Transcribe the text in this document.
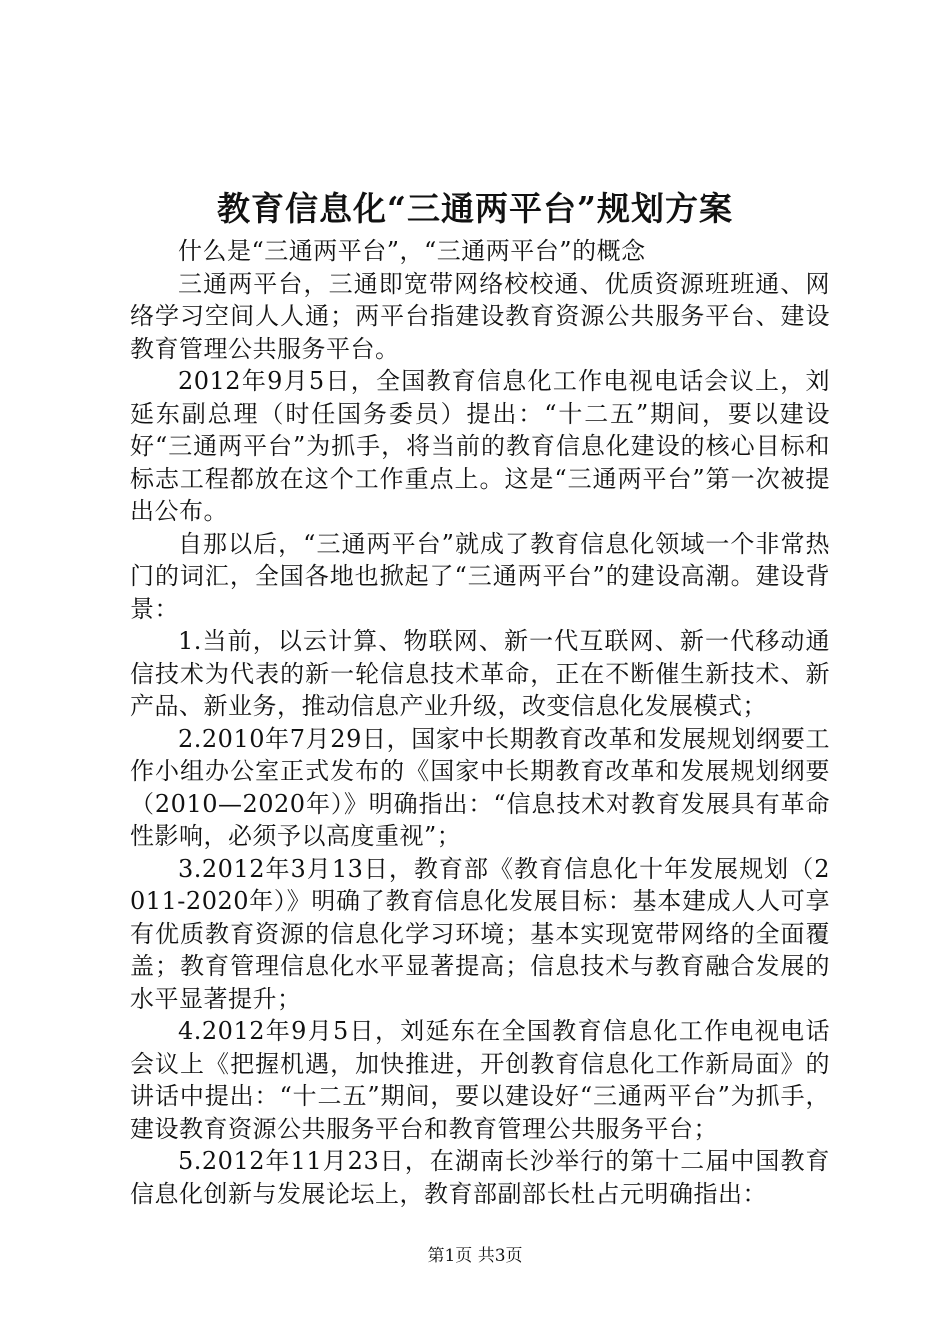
教育信息化“三通两平台”规划方案

什么是“三通两平台”，“三通两平台”的概念

三通两平台，三通即宽带网络校校通、优质资源班班通、网络学习空间人人通；两平台指建设教育资源公共服务平台、建设教育管理公共服务平台。

2012年9月5日，全国教育信息化工作电视电话会议上，刘延东副总理（时任国务委员）提出：“十二五”期间，要以建设好“三通两平台”为抓手，将当前的教育信息化建设的核心目标和标志工程都放在这个工作重点上。这是“三通两平台”第一次被提出公布。

自那以后，“三通两平台”就成了教育信息化领域一个非常热门的词汇，全国各地也掀起了“三通两平台”的建设高潮。建设背景：

1.当前，以云计算、物联网、新一代互联网、新一代移动通信技术为代表的新一轮信息技术革命，正在不断催生新技术、新产品、新业务，推动信息产业升级，改变信息化发展模式；

2.2010年7月29日，国家中长期教育改革和发展规划纲要工作小组办公室正式发布的《国家中长期教育改革和发展规划纲要（2010—2020年）》明确指出：“信息技术对教育发展具有革命性影响，必须予以高度重视”；

3.2012年3月13日，教育部《教育信息化十年发展规划（2011-2020年）》明确了教育信息化发展目标：基本建成人人可享有优质教育资源的信息化学习环境；基本实现宽带网络的全面覆盖；教育管理信息化水平显著提高；信息技术与教育融合发展的水平显著提升；

4.2012年9月5日，刘延东在全国教育信息化工作电视电话会议上《把握机遇，加快推进，开创教育信息化工作新局面》的讲话中提出：“十二五”期间，要以建设好“三通两平台”为抓手，建设教育资源公共服务平台和教育管理公共服务平台；

5.2012年11月23日，在湖南长沙举行的第十二届中国教育信息化创新与发展论坛上，教育部副部长杜占元明确指出：

第1页 共3页
